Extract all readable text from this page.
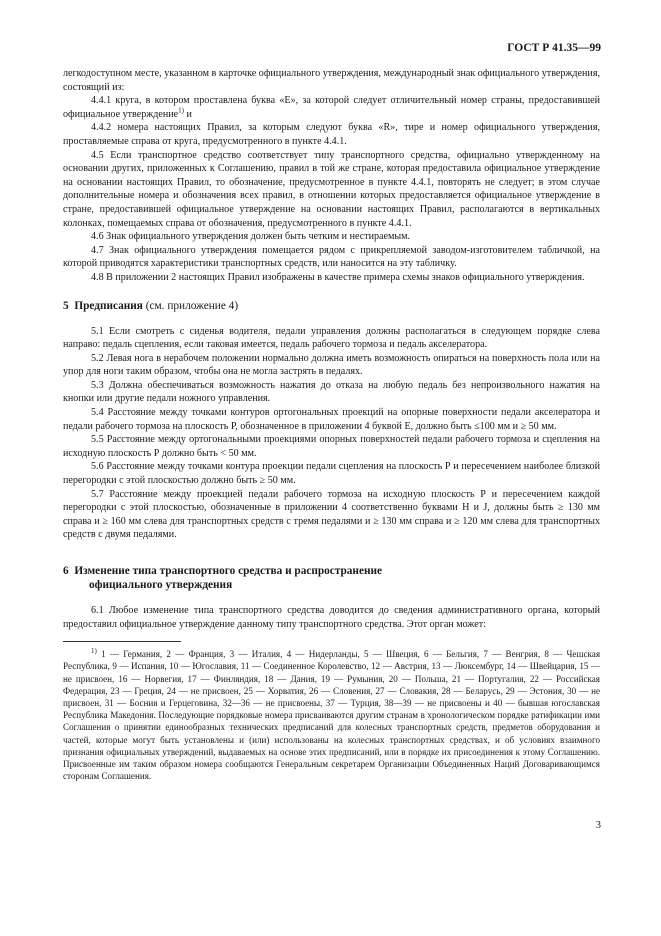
ГОСТ Р 41.35—99

легкодоступном месте, указанном в карточке официального утверждения, международный знак официального утверждения, состоящий из:

4.4.1 круга, в котором проставлена буква «Е», за которой следует отличительный номер страны, предоставившей официальное утверждение$^{1)}$ и

4.4.2 номера настоящих Правил, за которым следуют буква «R», тире и номер официального утверждения, проставляемые справа от круга, предусмотренного в пункте 4.4.1.

4.5 Если транспортное средство соответствует типу транспортного средства, официально утвержденному на основании других, приложенных к Соглашению, правил в той же стране, которая предоставила официальное утверждение на основании настоящих Правил, то обозначение, предусмотренное в пункте 4.4.1, повторять не следует; в этом случае дополнительные номера и обозначения всех правил, в отношении которых предоставляется официальное утверждение в стране, предоставившей официальное утверждение на основании настоящих Правил, располагаются в вертикальных колонках, помещаемых справа от обозначения, предусмотренного в пункте 4.4.1.

4.6 Знак официального утверждения должен быть четким и нестираемым.

4.7 Знак официального утверждения помещается рядом с прикрепляемой заводом-изготовителем табличкой, на которой приводятся характеристики транспортных средств, или наносится на эту табличку.

4.8 В приложении 2 настоящих Правил изображены в качестве примера схемы знаков официального утверждения.

5 Предписания (см. приложение 4)

5.1 Если смотреть с сиденья водителя, педали управления должны располагаться в следующем порядке слева направо: педаль сцепления, если таковая имеется, педаль рабочего тормоза и педаль акселератора.

5.2 Левая нога в нерабочем положении нормально должна иметь возможность опираться на поверхность пола или на упор для ноги таким образом, чтобы она не могла застрять в педалях.

5.3 Должна обеспечиваться возможность нажатия до отказа на любую педаль без непроизвольного нажатия на кнопки или другие педали ножного управления.

5.4 Расстояние между точками контуров ортогональных проекций на опорные поверхности педали акселератора и педали рабочего тормоза на плоскость Р, обозначенное в приложении 4 буквой Е, должно быть ≤100 мм и ≥ 50 мм.

5.5 Расстояние между ортогональными проекциями опорных поверхностей педали рабочего тормоза и сцепления на исходную плоскость Р должно быть < 50 мм.

5.6 Расстояние между точками контура проекции педали сцепления на плоскость Р и пересечением наиболее близкой перегородки с этой плоскостью должно быть ≥ 50 мм.

5.7 Расстояние между проекцией педали рабочего тормоза на исходную плоскость Р и пересечением каждой перегородки с этой плоскостью, обозначенные в приложении 4 соответственно буквами Н и J, должны быть ≥ 130 мм справа и ≥ 160 мм слева для транспортных средств с тремя педалями и ≥ 130 мм справа и ≥ 120 мм слева для транспортных средств с двумя педалями.

6 Изменение типа транспортного средства и распространение
официального утверждения

6.1 Любое изменение типа транспортного средства доводится до сведения административного органа, который предоставил официальное утверждение данному типу транспортного средства. Этот орган может:

$^{1)}$ 1 — Германия, 2 — Франция, 3 — Италия, 4 — Нидерланды, 5 — Швеция, 6 — Бельгия, 7 — Венгрия, 8 — Чешская Республика, 9 — Испания, 10 — Югославия, 11 — Соединенное Королевство, 12 — Австрия, 13 — Люксембург, 14 — Швейцария, 15 — не присвоен, 16 — Норвегия, 17 — Финляндия, 18 — Дания, 19 — Румыния, 20 — Польша, 21 — Португалия, 22 — Российская Федерация, 23 — Греция, 24 — не присвоен, 25 — Хорватия, 26 — Словения, 27 — Словакия, 28 — Беларусь, 29 — Эстония, 30 — не присвоен, 31 — Босния и Герцеговина, 32—36 — не присвоены, 37 — Турция, 38—39 — не присвоены и 40 — бывшая югославская Республика Македония. Последующие порядковые номера присваиваются другим странам в хронологическом порядке ратификации ими Соглашения о принятии единообразных технических предписаний для колесных транспортных средств, предметов оборудования и частей, которые могут быть установлены и (или) использованы на колесных транспортных средствах, и об условиях взаимного признания официальных утверждений, выдаваемых на основе этих предписаний, или в порядке их присоединения к этому Соглашению. Присвоенные им таким образом номера сообщаются Генеральным секретарем Организации Объединенных Наций Договаривающимся сторонам Соглашения.

3
